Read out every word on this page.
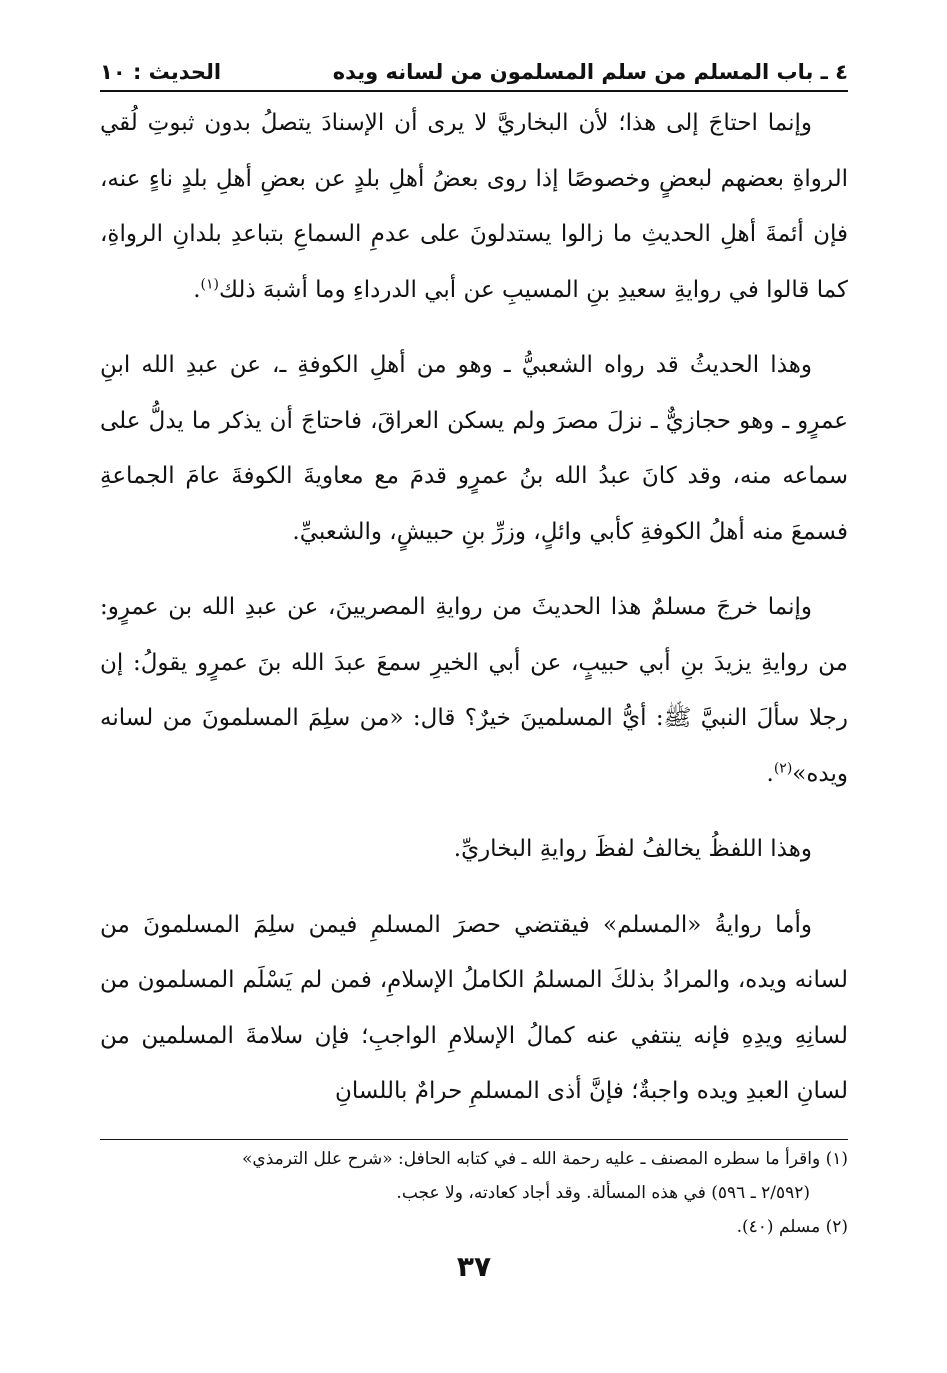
٤ ـ باب المسلم من سلم المسلمون من لسانه ويده
الحديث : ١٠

وإنما احتاجَ إلى هذا؛ لأن البخاريَّ لا يرى أن الإسنادَ يتصلُ بدون ثبوتِ لُقي الرواةِ بعضهم لبعضٍ وخصوصًا إذا روى بعضُ أهلِ بلدٍ عن بعضِ أهلِ بلدٍ ناءٍ عنه، فإن أئمةَ أهلِ الحديثِ ما زالوا يستدلونَ على عدمِ السماعِ بتباعدِ بلدانِ الرواةِ، كما قالوا في روايةِ سعيدِ بنِ المسيبِ عن أبي الدرداءِ وما أشبهَ ذلك$^{(١)}$.

وهذا الحديثُ قد رواه الشعبيُّ ـ وهو من أهلِ الكوفةِ ـ، عن عبدِ الله ابنِ عمرٍو ـ وهو حجازيٌّ ـ نزلَ مصرَ ولم يسكن العراقَ، فاحتاجَ أن يذكر ما يدلُّ على سماعه منه، وقد كانَ عبدُ الله بنُ عمرٍو قدمَ مع معاويةَ الكوفةَ عامَ الجماعةِ فسمعَ منه أهلُ الكوفةِ كأبي وائلٍ، وزرِّ بنِ حبيشٍ، والشعبيِّ.

وإنما خرجَ مسلمٌ هذا الحديثَ من روايةِ المصريينَ، عن عبدِ الله بن عمرٍو: من روايةِ يزيدَ بنِ أبي حبيبٍ، عن أبي الخيرِ سمعَ عبدَ الله بنَ عمرٍو يقولُ: إن رجلا سألَ النبيَّ ﷺ: أيُّ المسلمينَ خيرٌ؟ قال: «من سلِمَ المسلمونَ من لسانه ويده»$^{(٢)}$.

وهذا اللفظُ يخالفُ لفظَ روايةِ البخاريِّ.

وأما روايةُ «المسلم» فيقتضي حصرَ المسلمِ فيمن سلِمَ المسلمونَ من لسانه ويده، والمرادُ بذلكَ المسلمُ الكاملُ الإسلامِ، فمن لم يَسْلَم المسلمون من لسانِهِ ويدِهِ فإنه ينتفي عنه كمالُ الإسلامِ الواجبِ؛ فإن سلامةَ المسلمين من لسانِ العبدِ ويده واجبةٌ؛ فإنَّ أذى المسلمِ حرامٌ باللسانِ

(١) واقرأ ما سطره المصنف ـ عليه رحمة الله ـ في كتابه الحافل: «شرح علل الترمذي»

(٢/٥٩٢ ـ ٥٩٦) في هذه المسألة. وقد أجاد كعادته، ولا عجب.

(٢) مسلم (٤٠).

٣٧
